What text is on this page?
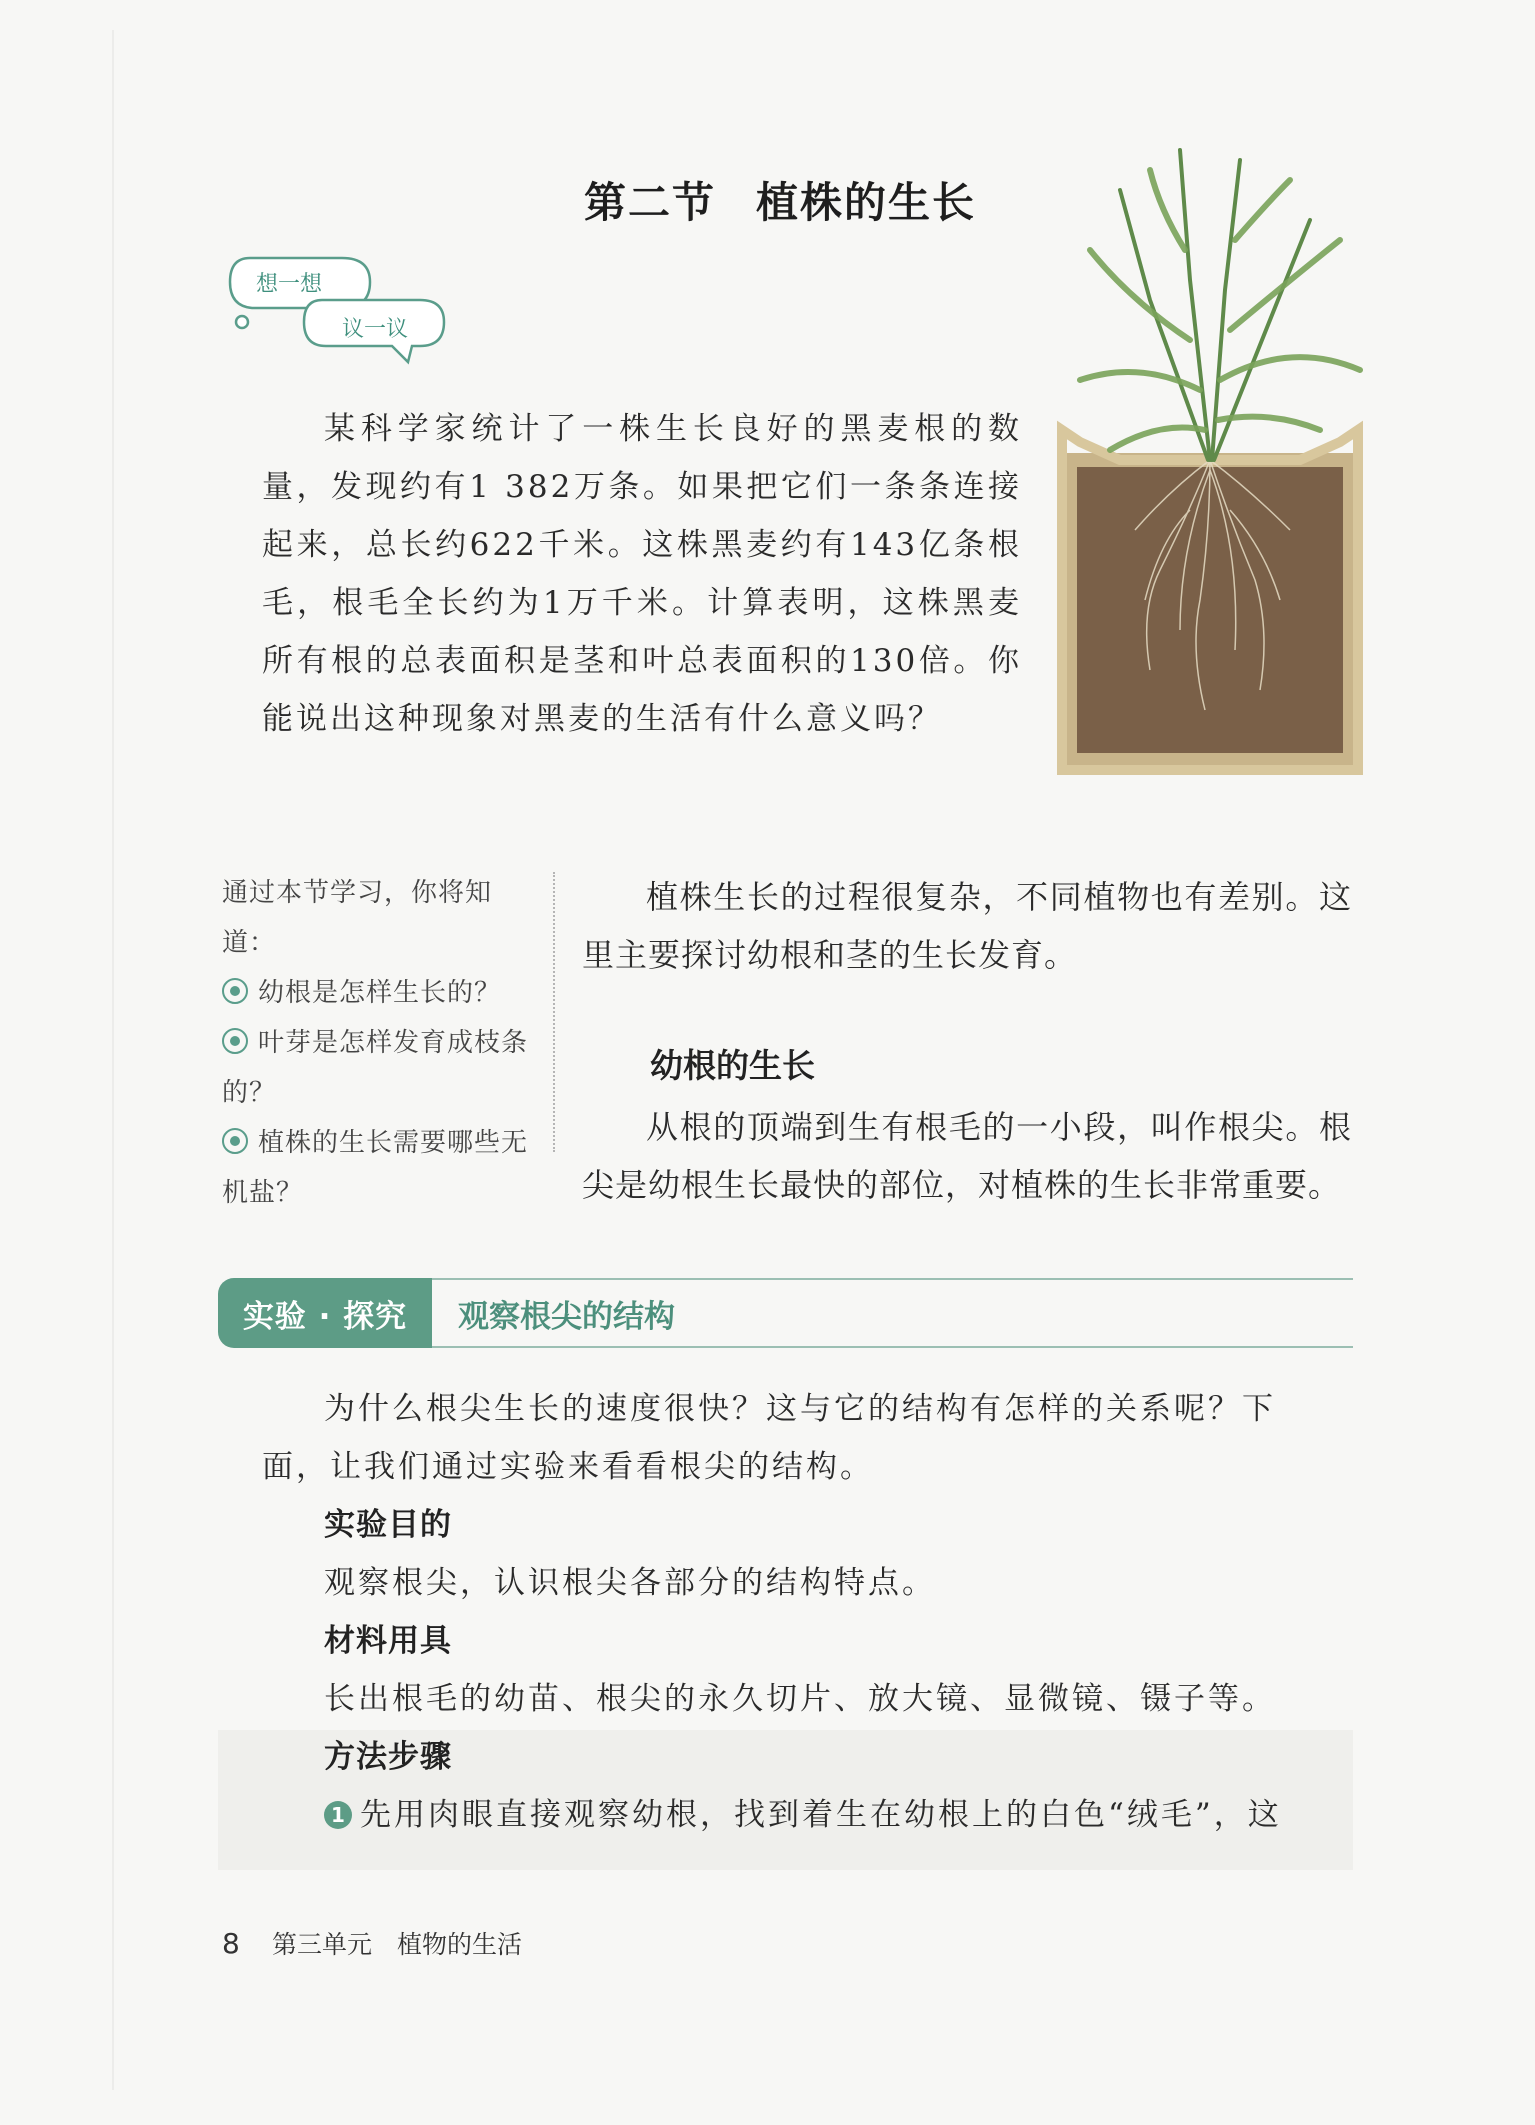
第二节 植株的生长
想一想
议一议

某科学家统计了一株生长良好的黑麦根的数量，发现约有1 382万条。如果把它们一条条连接起来，总长约622千米。这株黑麦约有143亿条根毛，根毛全长约为1万千米。计算表明，这株黑麦所有根的总表面积是茎和叶总表面积的130倍。你能说出这种现象对黑麦的生活有什么意义吗？

通过本节学习，你将知道：
幼根是怎样生长的？
叶芽是怎样发育成枝条的？
植株的生长需要哪些无机盐？

植株生长的过程很复杂，不同植物也有差别。这里主要探讨幼根和茎的生长发育。

幼根的生长

从根的顶端到生有根毛的一小段，叫作根尖。根尖是幼根生长最快的部位，对植株的生长非常重要。

实验 · 探究	观察根尖的结构

为什么根尖生长的速度很快？这与它的结构有怎样的关系呢？下面，让我们通过实验来看看根尖的结构。

实验目的

观察根尖，认识根尖各部分的结构特点。

材料用具

长出根毛的幼苗、根尖的永久切片、放大镜、显微镜、镊子等。

方法步骤

1 先用肉眼直接观察幼根，找到着生在幼根上的白色“绒毛”，这

8 第三单元　植物的生活
